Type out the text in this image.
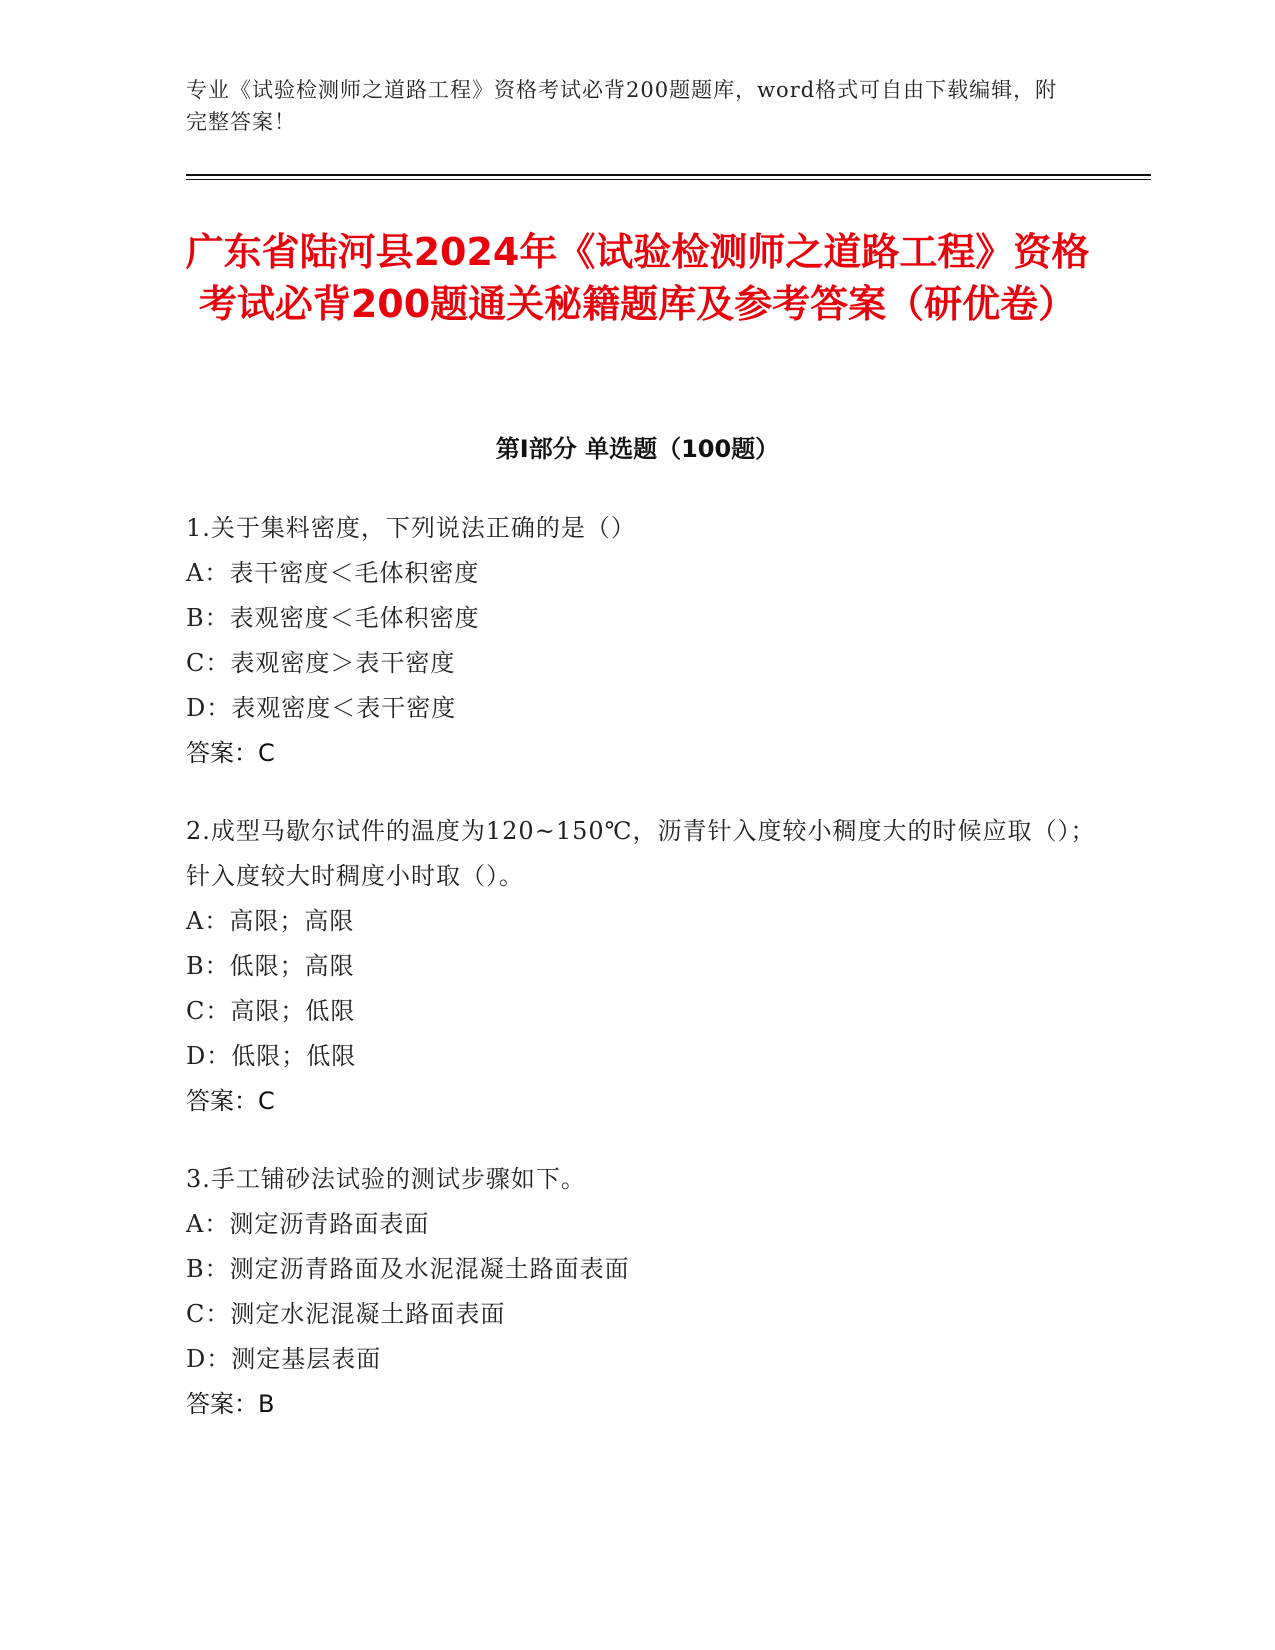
专业《试验检测师之道路工程》资格考试必背200题题库，word格式可自由下载编辑，附完整答案！
广东省陆河县2024年《试验检测师之道路工程》资格考试必背200题通关秘籍题库及参考答案（研优卷）
第Ⅰ部分 单选题（100题）

1.关于集料密度，下列说法正确的是（）

A：表干密度＜毛体积密度

B：表观密度＜毛体积密度

C：表观密度＞表干密度

D：表观密度＜表干密度

答案：C

2.成型马歇尔试件的温度为120~150℃，沥青针入度较小稠度大的时候应取（）；针入度较大时稠度小时取（）。

A：高限；高限

B：低限；高限

C：高限；低限

D：低限；低限

答案：C

3.手工铺砂法试验的测试步骤如下。

A：测定沥青路面表面

B：测定沥青路面及水泥混凝土路面表面

C：测定水泥混凝土路面表面

D：测定基层表面

答案：B
